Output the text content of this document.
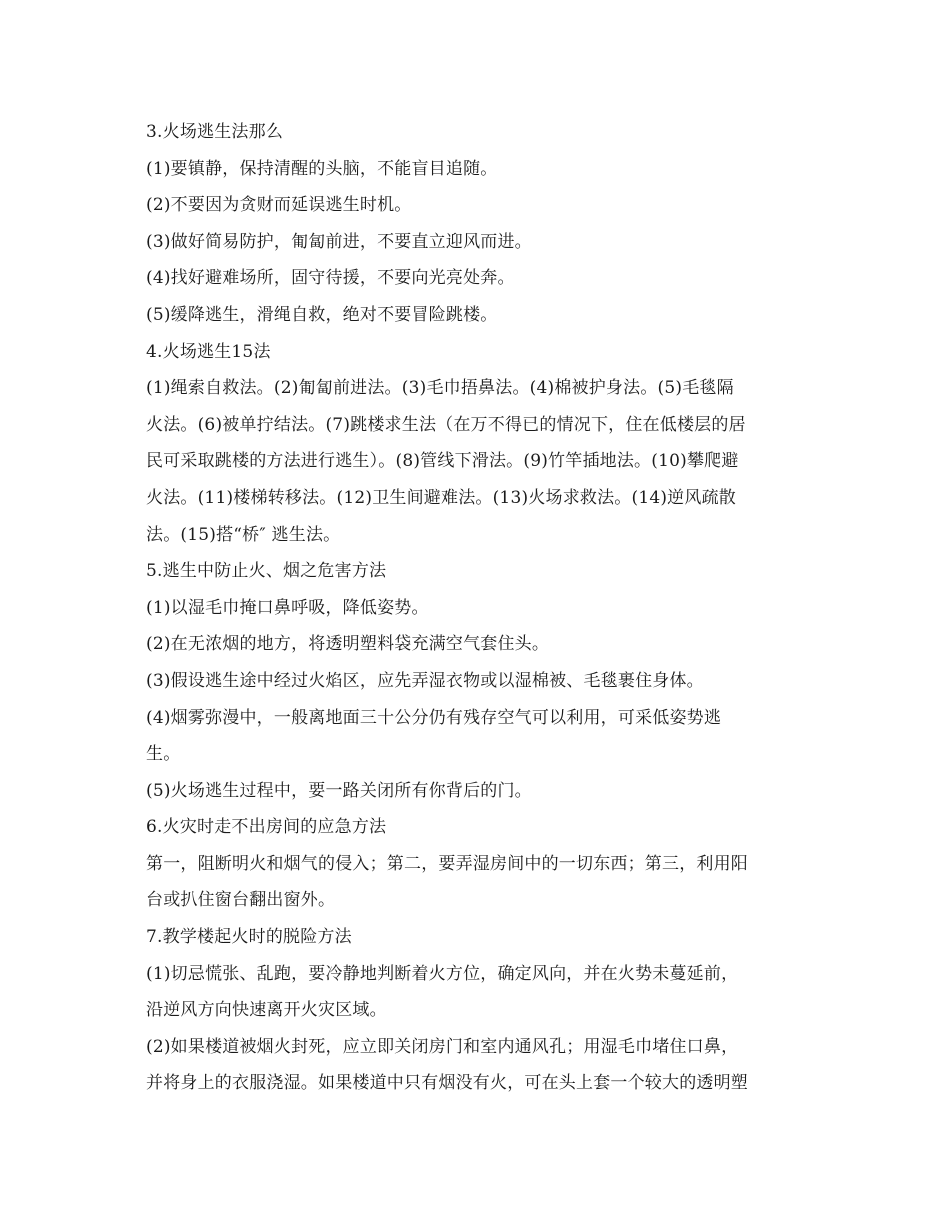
3.火场逃生法那么
(1)要镇静，保持清醒的头脑，不能盲目追随。
(2)不要因为贪财而延误逃生时机。
(3)做好简易防护，匍匐前进，不要直立迎风而进。
(4)找好避难场所，固守待援，不要向光亮处奔。
(5)缓降逃生，滑绳自救，绝对不要冒险跳楼。
4.火场逃生15法
(1)绳索自救法。(2)匍匐前进法。(3)毛巾捂鼻法。(4)棉被护身法。(5)毛毯隔
火法。(6)被单拧结法。(7)跳楼求生法（在万不得已的情况下，住在低楼层的居
民可采取跳楼的方法进行逃生）。(8)管线下滑法。(9)竹竿插地法。(10)攀爬避
火法。(11)楼梯转移法。(12)卫生间避难法。(13)火场求救法。(14)逆风疏散
法。(15)搭“桥″ 逃生法。
5.逃生中防止火、烟之危害方法
(1)以湿毛巾掩口鼻呼吸，降低姿势。
(2)在无浓烟的地方，将透明塑料袋充满空气套住头。
(3)假设逃生途中经过火焰区，应先弄湿衣物或以湿棉被、毛毯裹住身体。
(4)烟雾弥漫中，一般离地面三十公分仍有残存空气可以利用，可采低姿势逃
生。
(5)火场逃生过程中，要一路关闭所有你背后的门。
6.火灾时走不出房间的应急方法
第一，阻断明火和烟气的侵入；第二，要弄湿房间中的一切东西；第三，利用阳
台或扒住窗台翻出窗外。
7.教学楼起火时的脱险方法
(1)切忌慌张、乱跑，要冷静地判断着火方位，确定风向，并在火势未蔓延前，
沿逆风方向快速离开火灾区域。
(2)如果楼道被烟火封死，应立即关闭房门和室内通风孔；用湿毛巾堵住口鼻，
并将身上的衣服浇湿。如果楼道中只有烟没有火，可在头上套一个较大的透明塑
